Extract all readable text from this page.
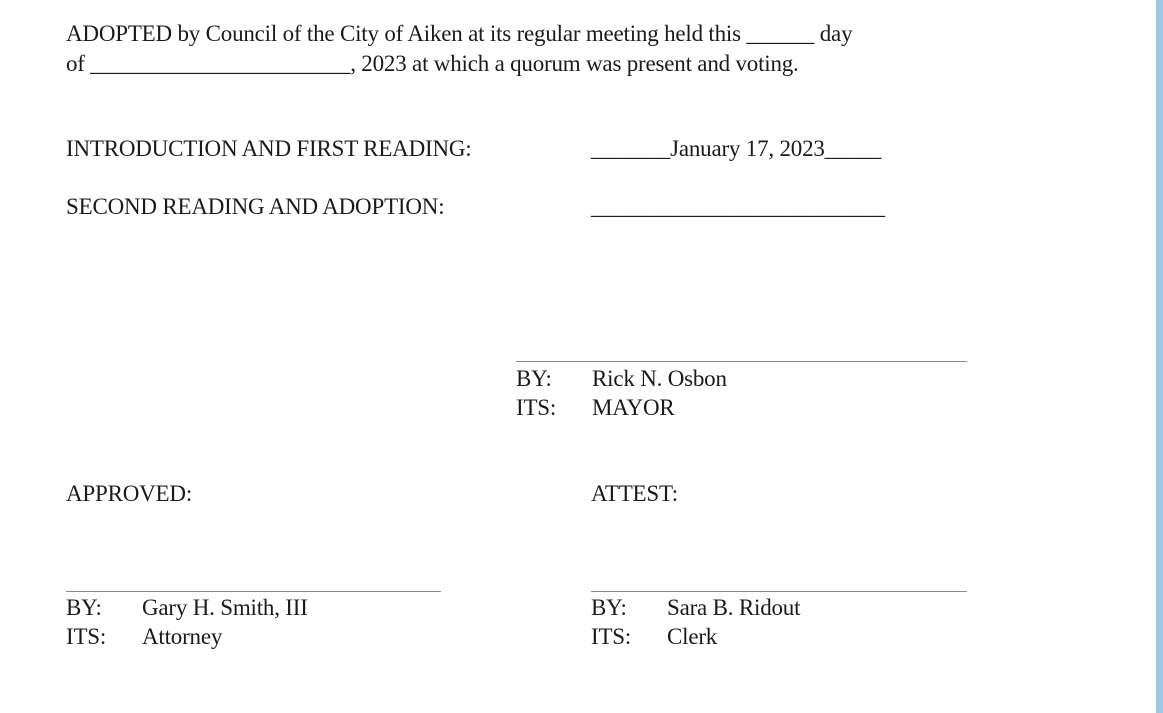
ADOPTED by Council of the City of Aiken at its regular meeting held this ______ day
of _______________________, 2023 at which a quorum was present and voting.
INTRODUCTION AND FIRST READING:	_______January 17, 2023_____
SECOND READING AND ADOPTION:	__________________________
BY: Rick N. Osbon
ITS: MAYOR
APPROVED:	ATTEST:
BY: Gary H. Smith, III
ITS: Attorney
BY: Sara B. Ridout
ITS: Clerk
